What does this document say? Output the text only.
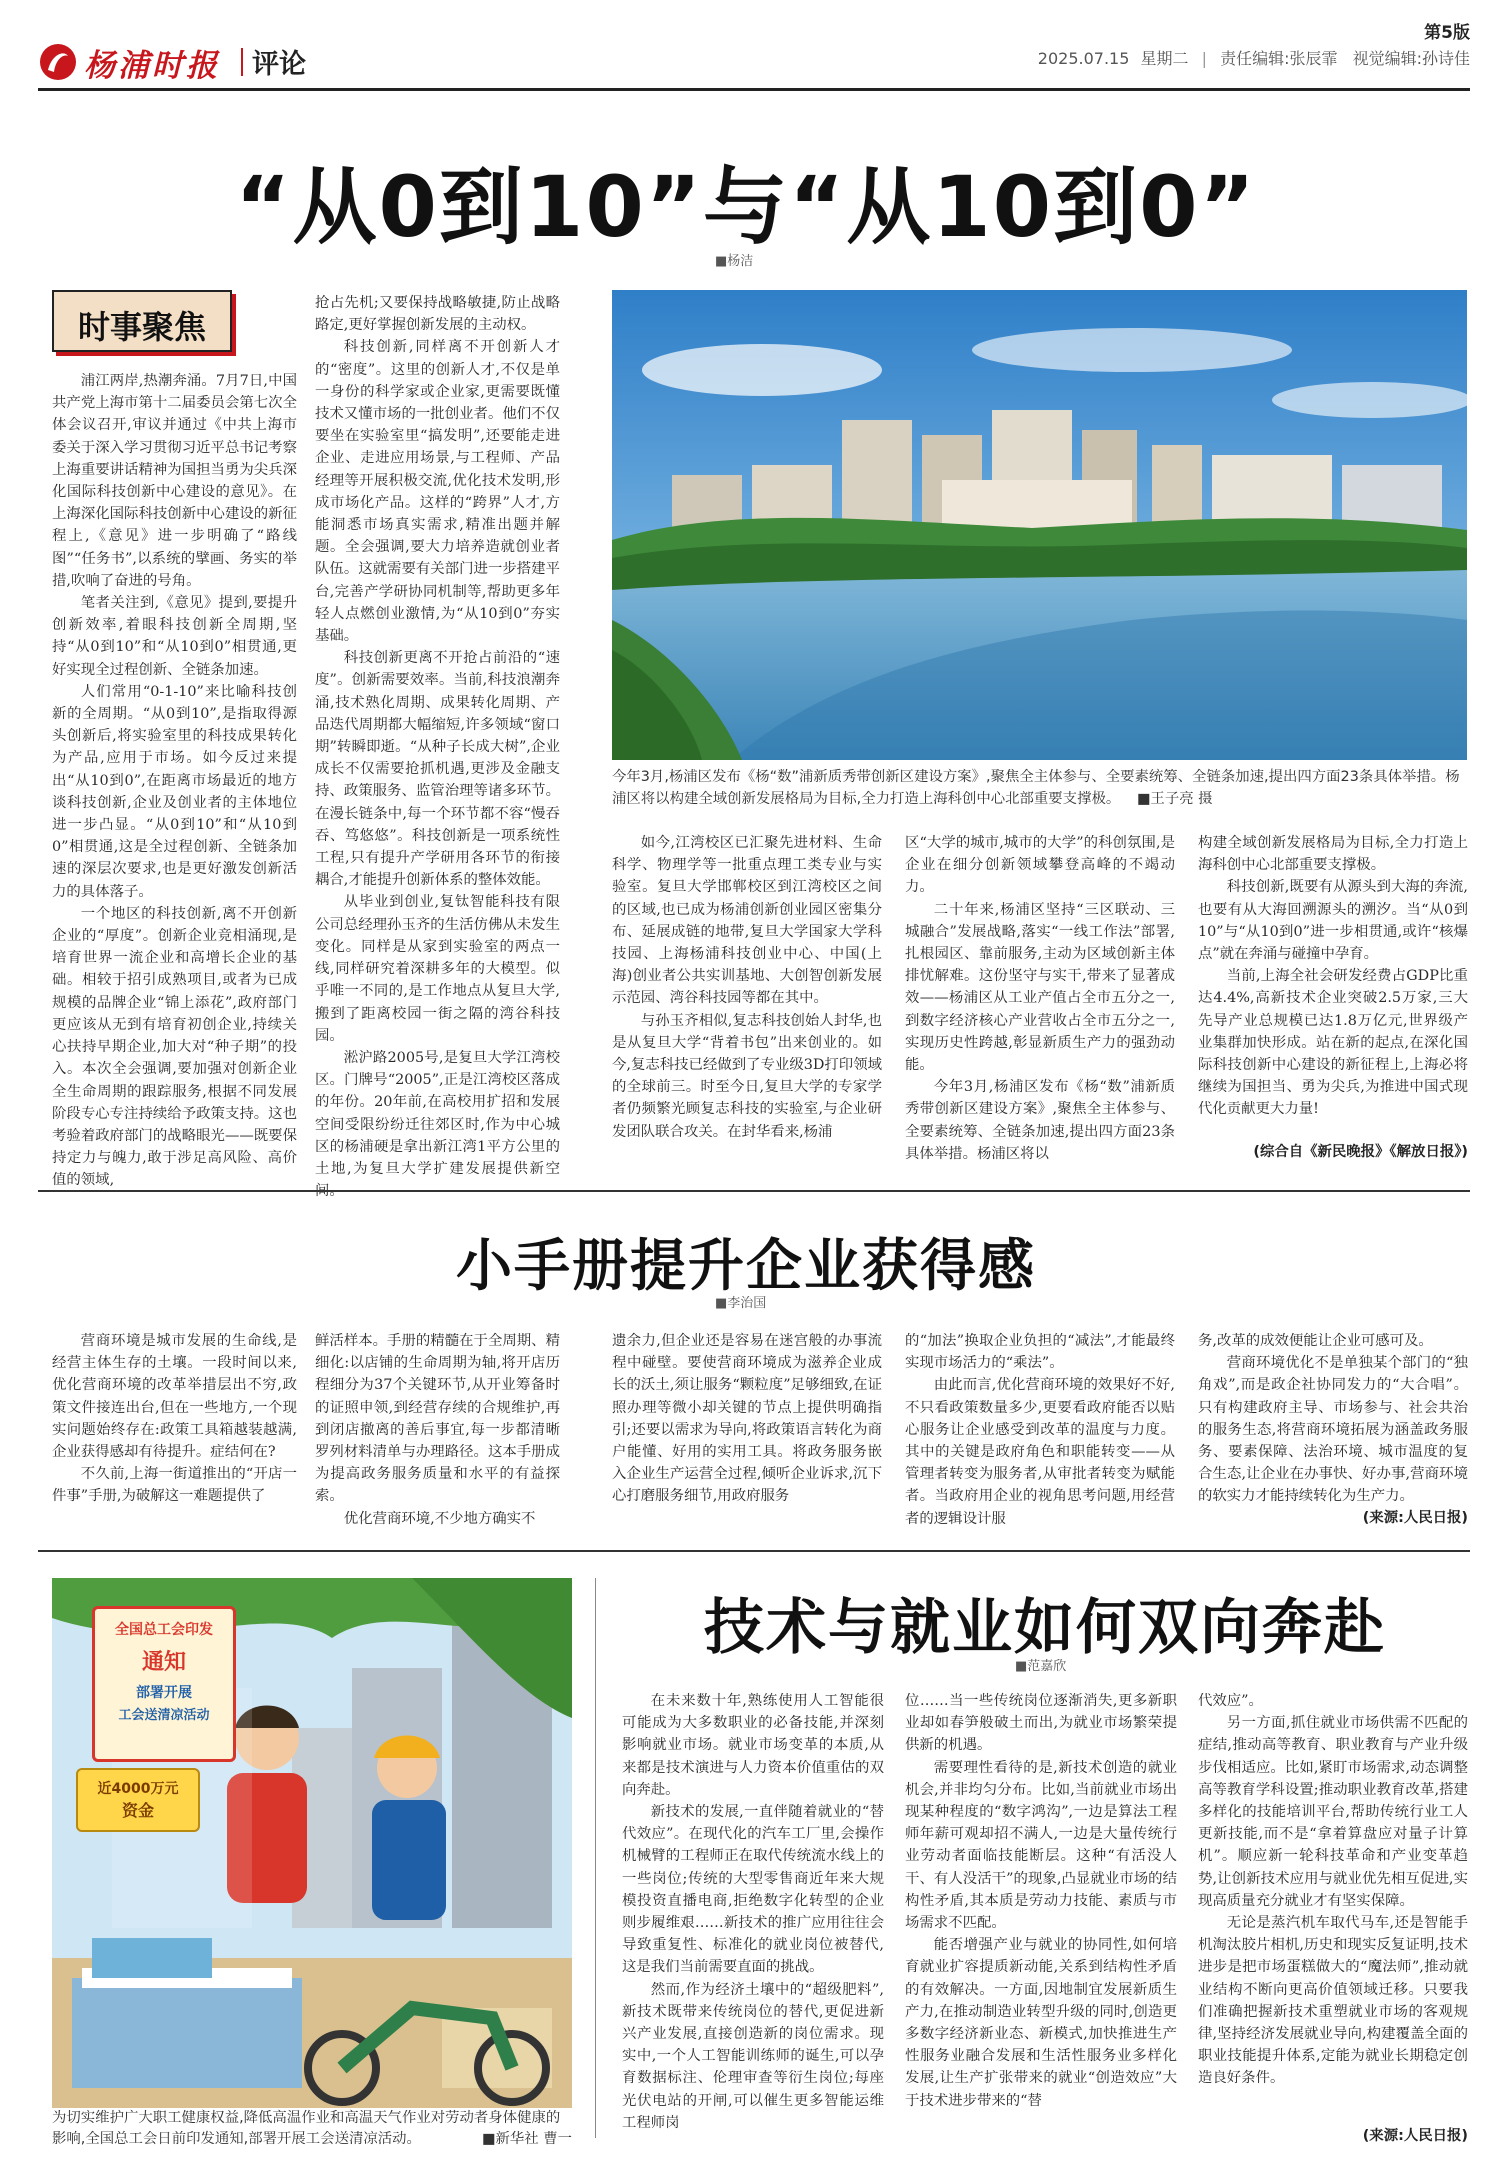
杨浦时报 评论
第5版
2025.07.15 星期二 | 责任编辑:张辰霏 视觉编辑:孙诗佳
“从0到10”与“从10到0”
■杨洁
时事聚焦

浦江两岸,热潮奔涌。7月7日,中国共产党上海市第十二届委员会第七次全体会议召开,审议并通过《中共上海市委关于深入学习贯彻习近平总书记考察上海重要讲话精神为国担当勇为尖兵深化国际科技创新中心建设的意见》。在上海深化国际科技创新中心建设的新征程上,《意见》进一步明确了“路线图”“任务书”,以系统的擘画、务实的举措,吹响了奋进的号角。

笔者关注到,《意见》提到,要提升创新效率,着眼科技创新全周期,坚持“从0到10”和“从10到0”相贯通,更好实现全过程创新、全链条加速。

人们常用“0-1-10”来比喻科技创新的全周期。“从0到10”,是指取得源头创新后,将实验室里的科技成果转化为产品,应用于市场。如今反过来提出“从10到0”,在距离市场最近的地方谈科技创新,企业及创业者的主体地位进一步凸显。“从0到10”和“从10到0”相贯通,这是全过程创新、全链条加速的深层次要求,也是更好激发创新活力的具体落子。

一个地区的科技创新,离不开创新企业的“厚度”。创新企业竞相涌现,是培育世界一流企业和高增长企业的基础。相较于招引成熟项目,或者为已成规模的品牌企业“锦上添花”,政府部门更应该从无到有培育初创企业,持续关心扶持早期企业,加大对“种子期”的投入。本次全会强调,要加强对创新企业全生命周期的跟踪服务,根据不同发展阶段专心专注持续给予政策支持。这也考验着政府部门的战略眼光——既要保持定力与魄力,敢于涉足高风险、高价值的领域,

抢占先机;又要保持战略敏捷,防止战略路定,更好掌握创新发展的主动权。

科技创新,同样离不开创新人才的“密度”。这里的创新人才,不仅是单一身份的科学家或企业家,更需要既懂技术又懂市场的一批创业者。他们不仅要坐在实验室里“搞发明”,还要能走进企业、走进应用场景,与工程师、产品经理等开展积极交流,优化技术发明,形成市场化产品。这样的“跨界”人才,方能洞悉市场真实需求,精准出题并解题。全会强调,要大力培养造就创业者队伍。这就需要有关部门进一步搭建平台,完善产学研协同机制等,帮助更多年轻人点燃创业激情,为“从10到0”夯实基础。

科技创新更离不开抢占前沿的“速度”。创新需要效率。当前,科技浪潮奔涌,技术熟化周期、成果转化周期、产品迭代周期都大幅缩短,许多领域“窗口期”转瞬即逝。“从种子长成大树”,企业成长不仅需要抢抓机遇,更涉及金融支持、政策服务、监管治理等诸多环节。在漫长链条中,每一个环节都不容“慢吞吞、笃悠悠”。科技创新是一项系统性工程,只有提升产学研用各环节的衔接耦合,才能提升创新体系的整体效能。

从毕业到创业,复钛智能科技有限公司总经理孙玉齐的生活仿佛从未发生变化。同样是从家到实验室的两点一线,同样研究着深耕多年的大模型。似乎唯一不同的,是工作地点从复旦大学,搬到了距离校园一街之隔的湾谷科技园。

淞沪路2005号,是复旦大学江湾校区。门牌号“2005”,正是江湾校区落成的年份。20年前,在高校用扩招和发展空间受限纷纷迁往郊区时,作为中心城区的杨浦硬是拿出新江湾1平方公里的土地,为复旦大学扩建发展提供新空

今年3月,杨浦区发布《杨“数”浦新质秀带创新区建设方案》,聚焦全主体参与、全要素统筹、全链条加速,提出四方面23条具体举措。杨浦区将以构建全域创新发展格局为目标,全力打造上海科创中心北部重要支撑极。 ■王子亮 摄

如今,江湾校区已汇聚先进材料、生命科学、物理学等一批重点理工类专业与实验室。复旦大学邯郸校区到江湾校区之间的区域,也已成为杨浦创新创业园区密集分布、延展成链的地带,复旦大学国家大学科技园、上海杨浦科技创业中心、中国(上海)创业者公共实训基地、大创智创新发展示范园、湾谷科技园等都在其中。

与孙玉齐相似,复志科技创始人封华,也是从复旦大学“背着书包”出来创业的。如今,复志科技已经做到了专业级3D打印领域的全球前三。时至今日,复旦大学的专家学者仍频繁光顾复志科技的实验室,与企业研发团队联合攻关。在封华看来,杨浦

区“大学的城市,城市的大学”的科创氛围,是企业在细分创新领域攀登高峰的不竭动力。

二十年来,杨浦区坚持“三区联动、三城融合”发展战略,落实“一线工作法”部署,扎根园区、靠前服务,主动为区域创新主体排忧解难。这份坚守与实干,带来了显著成效——杨浦区从工业产值占全市五分之一,到数字经济核心产业营收占全市五分之一,实现历史性跨越,彰显新质生产力的强劲动能。

今年3月,杨浦区发布《杨“数”浦新质秀带创新区建设方案》,聚焦全主体参与、全要素统筹、全链条加速,提出四方面23条具体举措。杨浦区将以

构建全域创新发展格局为目标,全力打造上海科创中心北部重要支撑极。

科技创新,既要有从源头到大海的奔流,也要有从大海回溯源头的溯汐。当“从0到10”与“从10到0”进一步相贯通,或许“核爆点”就在奔涌与碰撞中孕育。

当前,上海全社会研发经费占GDP比重达4.4%,高新技术企业突破2.5万家,三大先导产业总规模已达1.8万亿元,世界级产业集群加快形成。站在新的起点,在深化国际科技创新中心建设的新征程上,上海必将继续为国担当、勇为尖兵,为推进中国式现代化贡献更大力量!

(综合自《新民晚报》《解放日报》)
小手册提升企业获得感
■李治国

营商环境是城市发展的生命线,是经营主体生存的土壤。一段时间以来,优化营商环境的改革举措层出不穷,政策文件接连出台,但在一些地方,一个现实问题始终存在:政策工具箱越装越满,企业获得感却有待提升。症结何在?

不久前,上海一街道推出的“开店一件事”手册,为破解这一难题提供了

鲜活样本。手册的精髓在于全周期、精细化:以店铺的生命周期为轴,将开店历程细分为37个关键环节,从开业筹备时的证照申领,到经营存续的合规维护,再到闭店撤离的善后事宜,每一步都清晰罗列材料清单与办理路径。这本手册成为提高政务服务质量和水平的有益探索。

优化营商环境,不少地方确实不

遗余力,但企业还是容易在迷宫般的办事流程中碰壁。要使营商环境成为滋养企业成长的沃土,须让服务“颗粒度”足够细致,在证照办理等微小却关键的节点上提供明确指引;还要以需求为导向,将政策语言转化为商户能懂、好用的实用工具。将政务服务嵌入企业生产运营全过程,倾听企业诉求,沉下心打磨服务细节,用政府服务

的“加法”换取企业负担的“减法”,才能最终实现市场活力的“乘法”。

由此而言,优化营商环境的效果好不好,不只看政策数量多少,更要看政府能否以贴心服务让企业感受到改革的温度与力度。其中的关键是政府角色和职能转变——从管理者转变为服务者,从审批者转变为赋能者。当政府用企业的视角思考问题,用经营者的逻辑设计服

务,改革的成效便能让企业可感可及。

营商环境优化不是单独某个部门的“独角戏”,而是政企社协同发力的“大合唱”。只有构建政府主导、市场参与、社会共治的服务生态,将营商环境拓展为涵盖政务服务、要素保障、法治环境、城市温度的复合生态,让企业在办事快、好办事,营商环境的软实力才能持续转化为生产力。

(来源:人民日报)
全国总工会印发
通知
部署开展
工会送清凉活动
近4000万元
资金
为切实维护广大职工健康权益,降低高温作业和高温天气作业对劳动者身体健康的影响,全国总工会日前印发通知,部署开展工会送清凉活动。	■新华社 曹一
技术与就业如何双向奔赴
■范嘉欣

在未来数十年,熟练使用人工智能很可能成为大多数职业的必备技能,并深刻影响就业市场。就业市场变革的本质,从来都是技术演进与人力资本价值重估的双向奔赴。

新技术的发展,一直伴随着就业的“替代效应”。在现代化的汽车工厂里,会操作机械臂的工程师正在取代传统流水线上的一些岗位;传统的大型零售商近年来大规模投资直播电商,拒绝数字化转型的企业则步履维艰……新技术的推广应用往往会导致重复性、标准化的就业岗位被替代,这是我们当前需要直面的挑战。

然而,作为经济土壤中的“超级肥料”,新技术既带来传统岗位的替代,更促进新兴产业发展,直接创造新的岗位需求。现实中,一个人工智能训练师的诞生,可以孕育数据标注、伦理审查等衍生岗位;每座光伏电站的开闸,可以催生更多智能运维工程师岗

位……当一些传统岗位逐渐消失,更多新职业却如春笋般破土而出,为就业市场繁荣提供新的机遇。

需要理性看待的是,新技术创造的就业机会,并非均匀分布。比如,当前就业市场出现某种程度的“数字鸿沟”,一边是算法工程师年薪可观却招不满人,一边是大量传统行业劳动者面临技能断层。这种“有活没人干、有人没活干”的现象,凸显就业市场的结构性矛盾,其本质是劳动力技能、素质与市场需求不匹配。

能否增强产业与就业的协同性,如何培育就业扩容提质新动能,关系到结构性矛盾的有效解决。一方面,因地制宜发展新质生产力,在推动制造业转型升级的同时,创造更多数字经济新业态、新模式,加快推进生产性服务业融合发展和生活性服务业多样化发展,让生产扩张带来的就业“创造效应”大于技术进步带来的“替

代效应”。

另一方面,抓住就业市场供需不匹配的症结,推动高等教育、职业教育与产业升级步伐相适应。比如,紧盯市场需求,动态调整高等教育学科设置;推动职业教育改革,搭建多样化的技能培训平台,帮助传统行业工人更新技能,而不是“拿着算盘应对量子计算机”。顺应新一轮科技革命和产业变革趋势,让创新技术应用与就业优先相互促进,实现高质量充分就业才有坚实保障。

无论是蒸汽机车取代马车,还是智能手机淘汰胶片相机,历史和现实反复证明,技术进步是把市场蛋糕做大的“魔法师”,推动就业结构不断向更高价值领域迁移。只要我们准确把握新技术重塑就业市场的客观规律,坚持经济发展就业导向,构建覆盖全面的职业技能提升体系,定能为就业长期稳定创造良好条件。

(来源:人民日报)
